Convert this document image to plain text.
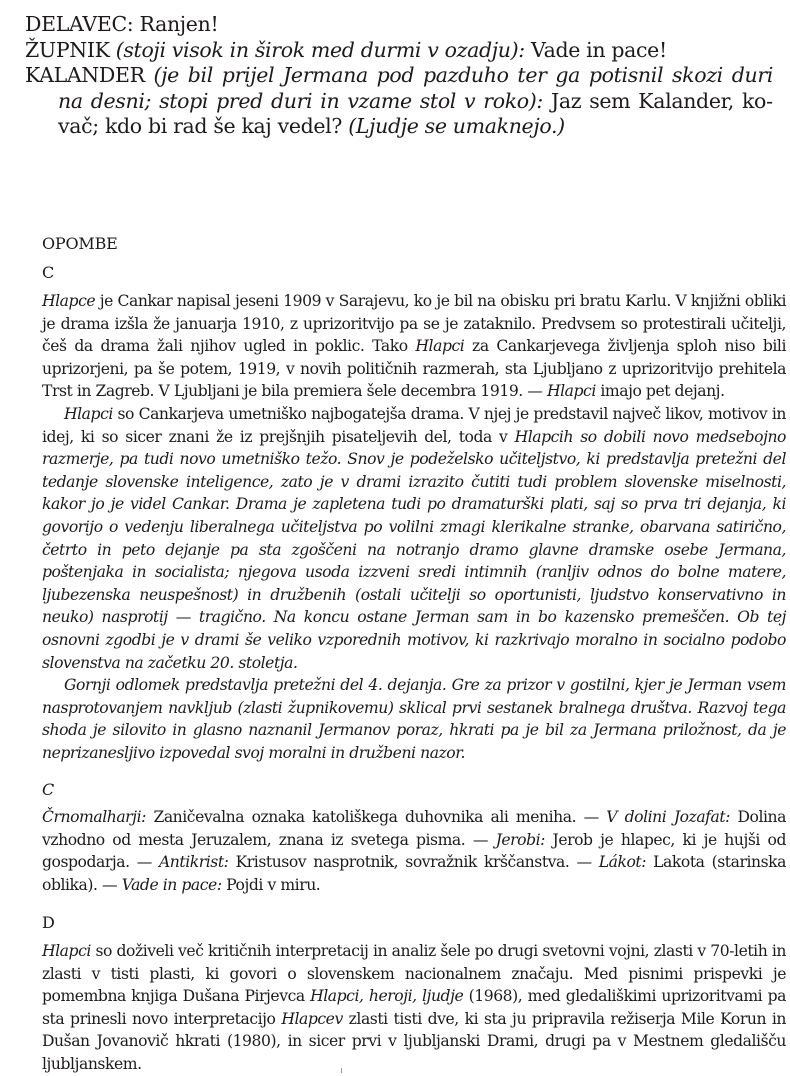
DELAVEC: Ranjen!

ŽUPNIK (stoji visok in širok med durmi v ozadju): Vade in pace!

KALANDER (je bil prijel Jermana pod pazduho ter ga potisnil skozi duri na desni; stopi pred duri in vzame stol v roko): Jaz sem Kalander, kovač; kdo bi rad še kaj vedel? (Ljudje se umaknejo.)

OPOMBE
C

Hlapce je Cankar napisal jeseni 1909 v Sarajevu, ko je bil na obisku pri bratu Karlu. V knjižni obliki je drama izšla že januarja 1910, z uprizoritvijo pa se je zataknilo. Predvsem so protestirali učitelji, češ da drama žali njihov ugled in poklic. Tako Hlapci za Cankarjevega življenja sploh niso bili uprizorjeni, pa še potem, 1919, v novih političnih razmerah, sta Ljubljano z uprizoritvijo prehitela Trst in Zagreb. V Ljubljani je bila premiera šele decembra 1919. — Hlapci imajo pet dejanj.

Hlapci so Cankarjeva umetniško najbogatejša drama. V njej je predstavil največ likov, motivov in idej, ki so sicer znani že iz prejšnjih pisateljevih del, toda v Hlapcih so dobili novo medsebojno razmerje, pa tudi novo umetniško težo. Snov je podeželsko učiteljstvo, ki predstavlja pretežni del tedanje slovenske inteligence, zato je v drami izrazito čutiti tudi problem slovenske miselnosti, kakor jo je videl Cankar. Drama je zapletena tudi po dramaturški plati, saj so prva tri dejanja, ki govorijo o vedenju liberalnega učiteljstva po volilni zmagi klerikalne stranke, obarvana satirično, četrto in peto dejanje pa sta zgoščeni na notranjo dramo glavne dramske osebe Jermana, poštenjaka in socialista; njegova usoda izzveni sredi intimnih (ranljiv odnos do bolne matere, ljubezenska neuspešnost) in družbenih (ostali učitelji so oportunisti, ljudstvo konservativno in neuko) nasprotij — tragično. Na koncu ostane Jerman sam in bo kazensko premeščen. Ob tej osnovni zgodbi je v drami še veliko vzporednih motivov, ki razkrivajo moralno in socialno podobo slovenstva na začetku 20. stoletja.

Gornji odlomek predstavlja pretežni del 4. dejanja. Gre za prizor v gostilni, kjer je Jerman vsem nasprotovanjem navkljub (zlasti župnikovemu) sklical prvi sestanek bralnega društva. Razvoj tega shoda je silovito in glasno naznanil Jermanov poraz, hkrati pa je bil za Jermana priložnost, da je neprizanesljivo izpovedal svoj moralni in družbeni nazor.

C

Črnomalharji: Zaničevalna oznaka katoliškega duhovnika ali meniha. — V dolini Jozafat: Dolina vzhodno od mesta Jeruzalem, znana iz svetega pisma. — Jerobi: Jerob je hlapec, ki je hujši od gospodarja. — Antikrist: Kristusov nasprotnik, sovražnik krščanstva. — Lákot: Lakota (starinska oblika). — Vade in pace: Pojdi v miru.

D

Hlapci so doživeli več kritičnih interpretacij in analiz šele po drugi svetovni vojni, zlasti v 70-letih in zlasti v tisti plasti, ki govori o slovenskem nacionalnem značaju. Med pisnimi prispevki je pomembna knjiga Dušana Pirjevca Hlapci, heroji, ljudje (1968), med gledališkimi uprizoritvami pa sta prinesli novo interpretacijo Hlapcev zlasti tisti dve, ki sta ju pripravila režiserja Mile Korun in Dušan Jovanovič hkrati (1980), in sicer prvi v ljubljanski Drami, drugi pa v Mestnem gledališču ljubljanskem.
